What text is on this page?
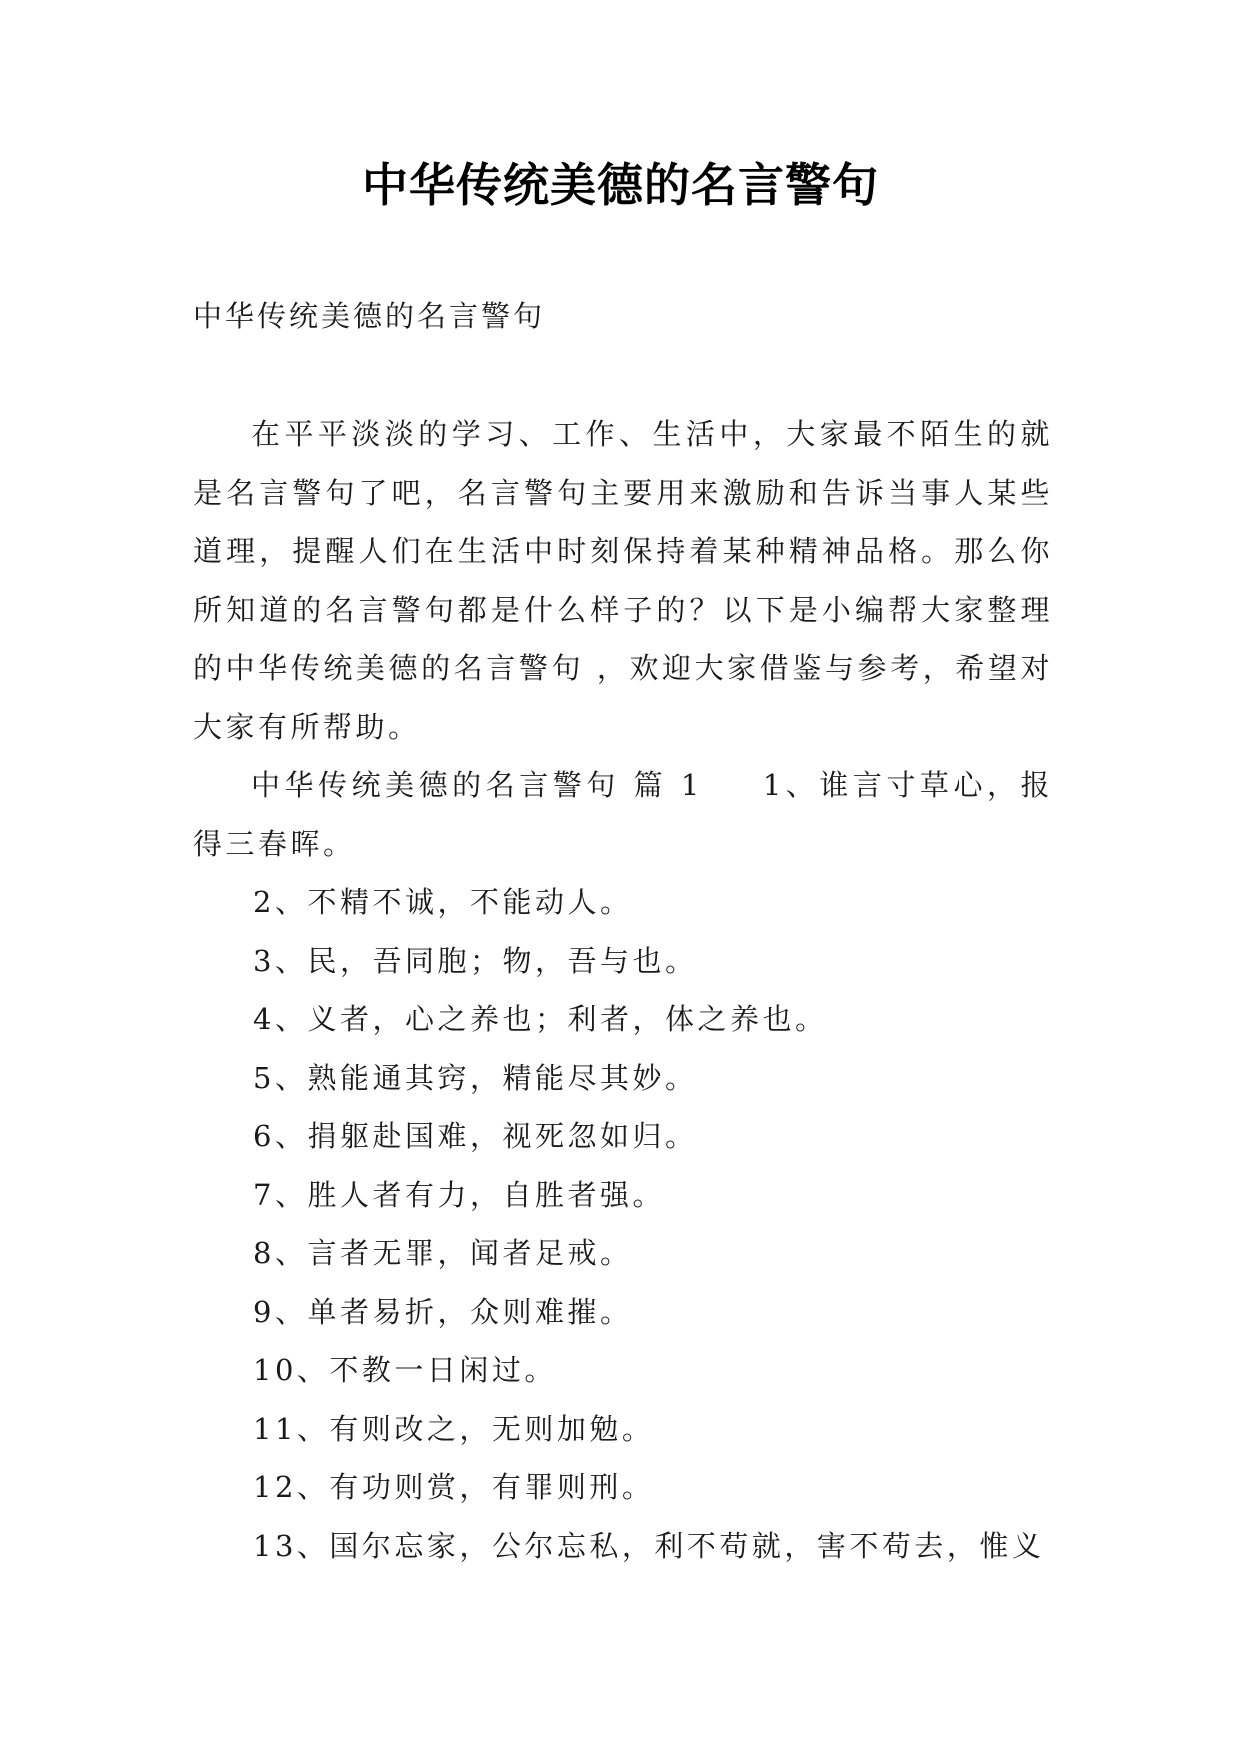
中华传统美德的名言警句
中华传统美德的名言警句

在平平淡淡的学习、工作、生活中，大家最不陌生的就是名言警句了吧，名言警句主要用来激励和告诉当事人某些道理，提醒人们在生活中时刻保持着某种精神品格。那么你所知道的名言警句都是什么样子的？以下是小编帮大家整理的中华传统美德的名言警句 ，欢迎大家借鉴与参考，希望对大家有所帮助。

中华传统美德的名言警句 篇 1 1、谁言寸草心，报得三春晖。

2、不精不诚，不能动人。

3、民，吾同胞；物，吾与也。

4、义者，心之养也；利者，体之养也。

5、熟能通其窍，精能尽其妙。

6、捐躯赴国难，视死忽如归。

7、胜人者有力，自胜者强。

8、言者无罪，闻者足戒。

9、单者易折，众则难摧。

10、不教一日闲过。

11、有则改之，无则加勉。

12、有功则赏，有罪则刑。

13、国尔忘家，公尔忘私，利不苟就，害不苟去，惟义
